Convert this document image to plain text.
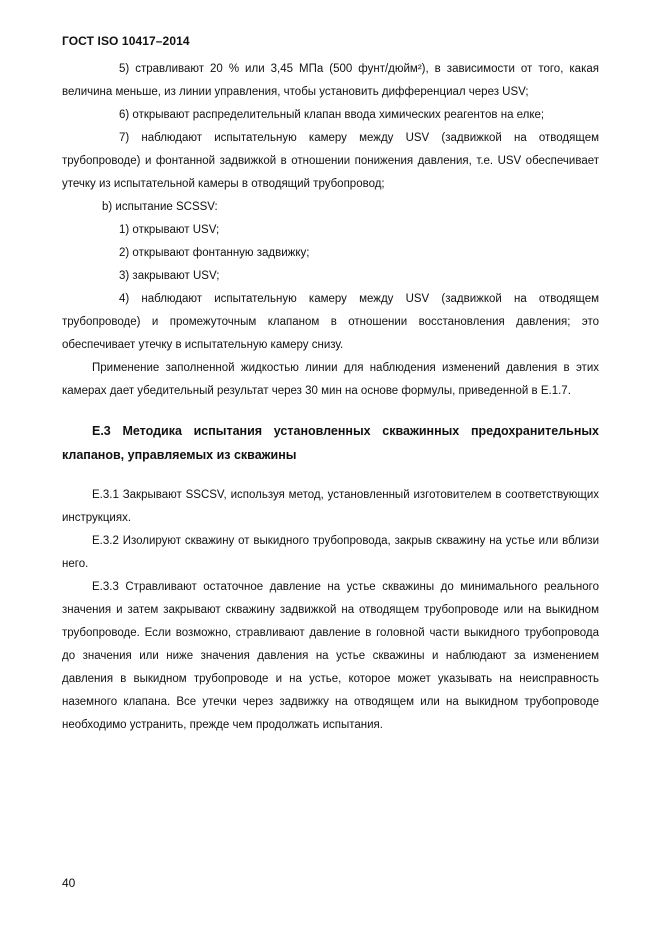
ГОСТ ISO 10417–2014

5) стравливают 20 % или 3,45 МПа (500 фунт/дюйм²), в зависимости от того, какая величина меньше, из линии управления, чтобы установить дифференциал через USV;

6) открывают распределительный клапан ввода химических реагентов на елке;

7) наблюдают испытательную камеру между USV (задвижкой на отводящем трубопроводе) и фонтанной задвижкой в отношении понижения давления, т.е. USV обеспечивает утечку из испытательной камеры в отводящий трубопровод;

b) испытание SCSSV:

1) открывают USV;

2) открывают фонтанную задвижку;

3) закрывают USV;

4) наблюдают испытательную камеру между USV (задвижкой на отводящем трубопроводе) и промежуточным клапаном в отношении восстановления давления; это обеспечивает утечку в испытательную камеру снизу.

Применение заполненной жидкостью линии для наблюдения изменений давления в этих камерах дает убедительный результат через 30 мин на основе формулы, приведенной в Е.1.7.

Е.3 Методика испытания установленных скважинных предохранительных клапанов, управляемых из скважины

Е.3.1 Закрывают SSCSV, используя метод, установленный изготовителем в соответствующих инструкциях.

Е.3.2 Изолируют скважину от выкидного трубопровода, закрыв скважину на устье или вблизи него.

Е.3.3 Стравливают остаточное давление на устье скважины до минимального реального значения и затем закрывают скважину задвижкой на отводящем трубопроводе или на выкидном трубопроводе. Если возможно, стравливают давление в головной части выкидного трубопровода до значения или ниже значения давления на устье скважины и наблюдают за изменением давления в выкидном трубопроводе и на устье, которое может указывать на неисправность наземного клапана. Все утечки через задвижку на отводящем или на выкидном трубопроводе необходимо устранить, прежде чем продолжать испытания.

40
